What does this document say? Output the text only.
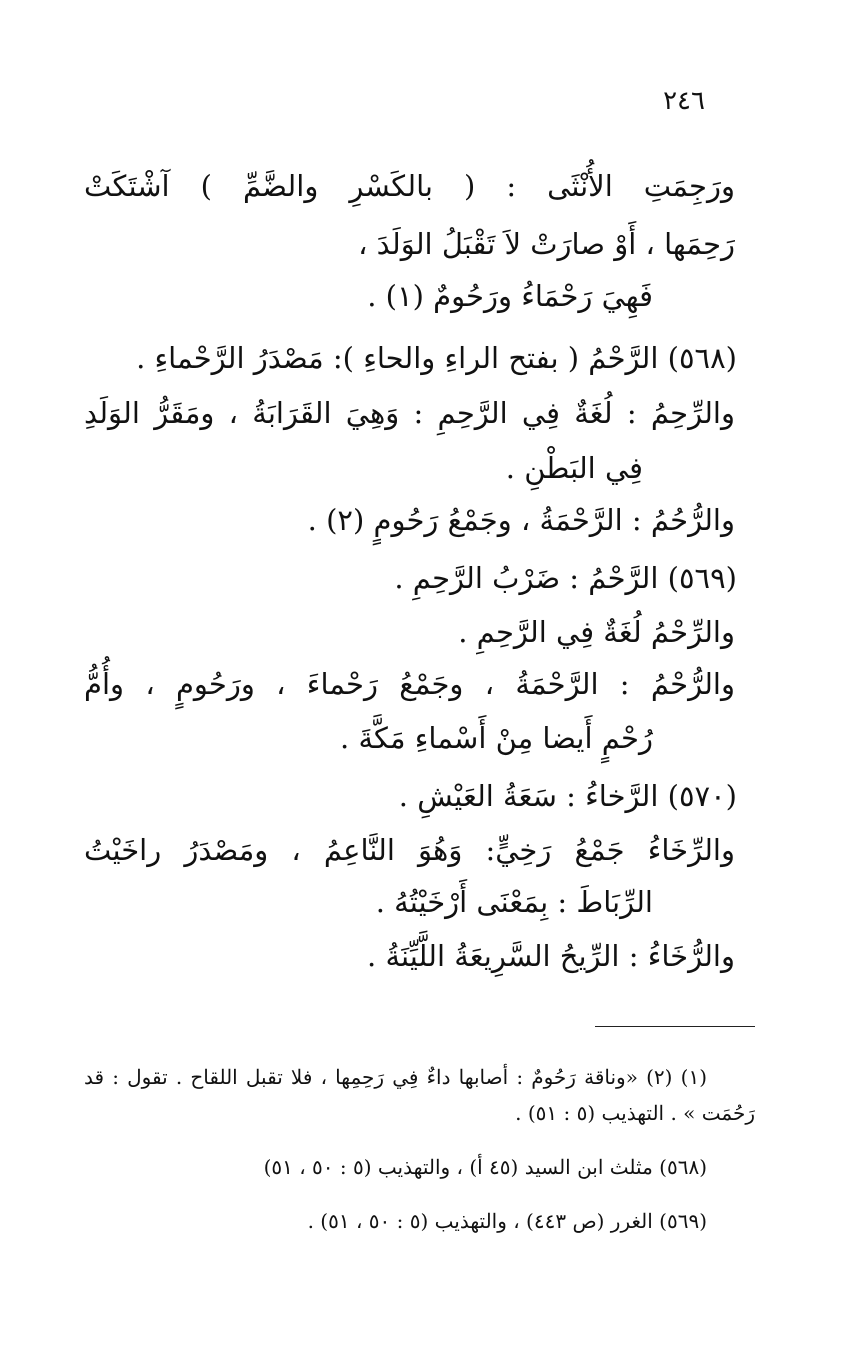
٢٤٦
ورَجِمَتِ الأُنْثَى : ( بالكَسْرِ والضَّمِّ ) آشْتَكَتْ
رَحِمَها ، أَوْ صارَتْ لاَ تَقْبَلُ الوَلَدَ ،
فَهِيَ رَحْمَاءُ ورَحُومٌ (١) .
(٥٦٨) الرَّحْمُ ( بفتح الراءِ والحاءِ ): مَصْدَرُ الرَّحْماءِ .
والرِّحِمُ : لُغَةٌ فِي الرَّحِمِ : وَهِيَ القَرَابَةُ ، ومَقَرُّ الوَلَدِ
فِي البَطْنِ .
والرُّحُمُ : الرَّحْمَةُ ، وجَمْعُ رَحُومٍ (٢) .
(٥٦٩) الرَّحْمُ : ضَرْبُ الرَّحِمِ .
والرِّحْمُ لُغَةٌ فِي الرَّحِمِ .
والرُّحْمُ : الرَّحْمَةُ ، وجَمْعُ رَحْماءَ ، ورَحُومٍ ، وأُمُّ
رُحْمٍ أَيضا مِنْ أَسْماءِ مَكَّةَ .
(٥٧٠) الرَّخاءُ : سَعَةُ العَيْشِ .
والرِّخَاءُ جَمْعُ رَخِيٍّ: وَهُوَ النَّاعِمُ ، ومَصْدَرُ راخَيْتُ
الرِّبَاطَ : بِمَعْنَى أَرْخَيْتُهُ .
والرُّخَاءُ : الرِّيحُ السَّرِيعَةُ اللَّيِّنَةُ .
(١) (٢) «وناقة رَحُومٌ : أصابها داءٌ فِي رَحِمِها ، فلا تقبل اللقاح . تقول : قد
رَحُمَت » . التهذيب (٥ : ٥١) .
(٥٦٨) مثلث ابن السيد (٤٥ أ) ، والتهذيب (٥ : ٥٠ ، ٥١)
(٥٦٩) الغرر (ص ٤٤٣) ، والتهذيب (٥ : ٥٠ ، ٥١) .
